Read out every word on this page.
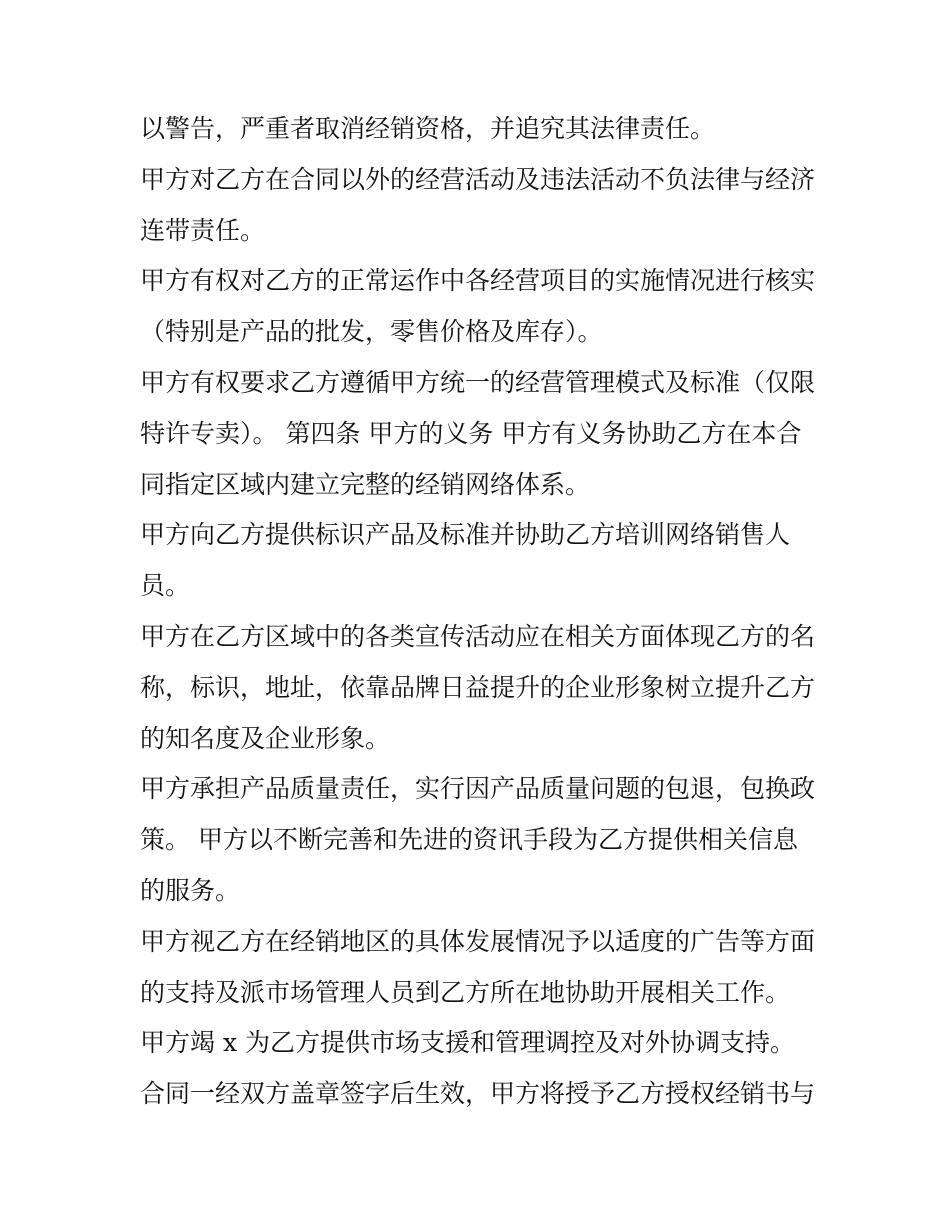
以警告，严重者取消经销资格，并追究其法律责任。
甲方对乙方在合同以外的经营活动及违法活动不负法律与经济
连带责任。
甲方有权对乙方的正常运作中各经营项目的实施情况进行核实
（特别是产品的批发，零售价格及库存）。
甲方有权要求乙方遵循甲方统一的经营管理模式及标准（仅限
特许专卖）。 第四条 甲方的义务 甲方有义务协助乙方在本合
同指定区域内建立完整的经销网络体系。
甲方向乙方提供标识产品及标准并协助乙方培训网络销售人
员。
甲方在乙方区域中的各类宣传活动应在相关方面体现乙方的名
称，标识，地址，依靠品牌日益提升的企业形象树立提升乙方
的知名度及企业形象。
甲方承担产品质量责任，实行因产品质量问题的包退，包换政
策。 甲方以不断完善和先进的资讯手段为乙方提供相关信息
的服务。
甲方视乙方在经销地区的具体发展情况予以适度的广告等方面
的支持及派市场管理人员到乙方所在地协助开展相关工作。
甲方竭 x 为乙方提供市场支援和管理调控及对外协调支持。
合同一经双方盖章签字后生效，甲方将授予乙方授权经销书与
